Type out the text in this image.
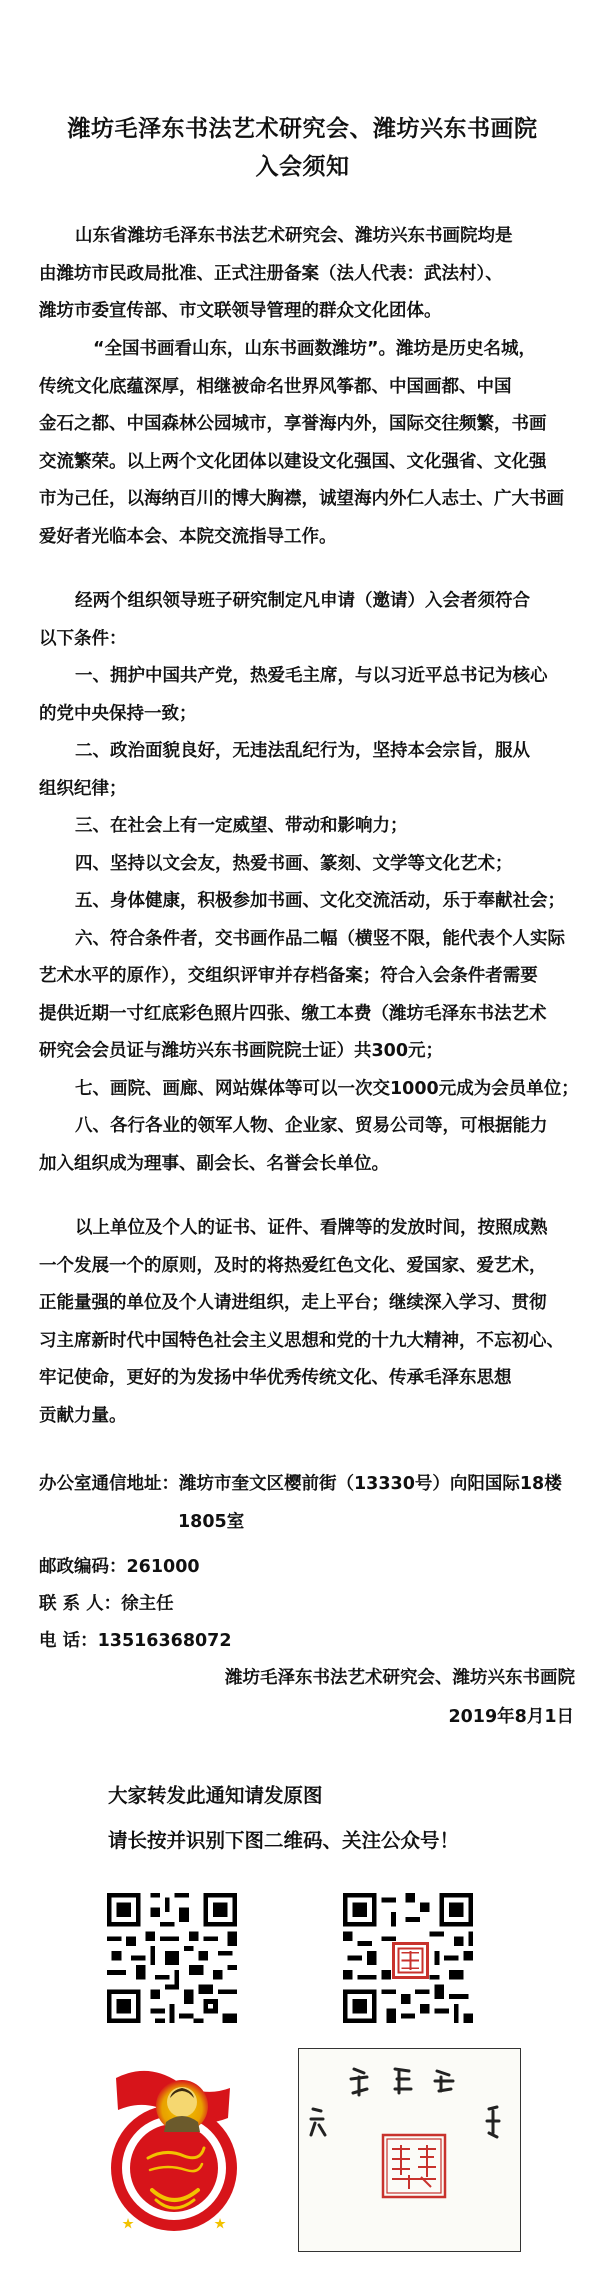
潍坊毛泽东书法艺术研究会、潍坊兴东书画院
入会须知
山东省潍坊毛泽东书法艺术研究会、潍坊兴东书画院均是
由潍坊市民政局批准、正式注册备案（法人代表：武法村）、
潍坊市委宣传部、市文联领导管理的群众文化团体。
“全国书画看山东，山东书画数潍坊”。潍坊是历史名城，
传统文化底蕴深厚，相继被命名世界风筝都、中国画都、中国
金石之都、中国森林公园城市，享誉海内外，国际交往频繁，书画
交流繁荣。以上两个文化团体以建设文化强国、文化强省、文化强
市为己任，以海纳百川的博大胸襟，诚望海内外仁人志士、广大书画
爱好者光临本会、本院交流指导工作。
经两个组织领导班子研究制定凡申请（邀请）入会者须符合
以下条件：
一、拥护中国共产党，热爱毛主席，与以习近平总书记为核心
的党中央保持一致；
二、政治面貌良好，无违法乱纪行为，坚持本会宗旨，服从
组织纪律；
三、在社会上有一定威望、带动和影响力；
四、坚持以文会友，热爱书画、篆刻、文学等文化艺术；
五、身体健康，积极参加书画、文化交流活动，乐于奉献社会；
六、符合条件者，交书画作品二幅（横竖不限，能代表个人实际
艺术水平的原作），交组织评审并存档备案；符合入会条件者需要
提供近期一寸红底彩色照片四张、缴工本费（潍坊毛泽东书法艺术
研究会会员证与潍坊兴东书画院院士证）共300元；
七、画院、画廊、网站媒体等可以一次交1000元成为会员单位；
八、各行各业的领军人物、企业家、贸易公司等，可根据能力
加入组织成为理事、副会长、名誉会长单位。
以上单位及个人的证书、证件、看牌等的发放时间，按照成熟
一个发展一个的原则，及时的将热爱红色文化、爱国家、爱艺术，
正能量强的单位及个人请进组织，走上平台；继续深入学习、贯彻
习主席新时代中国特色社会主义思想和党的十九大精神，不忘初心、
牢记使命，更好的为发扬中华优秀传统文化、传承毛泽东思想
贡献力量。
办公室通信地址：潍坊市奎文区樱前街（13330号）向阳国际18楼
1805室
邮政编码：261000
联 系 人：徐主任
电 话：13516368072
潍坊毛泽东书法艺术研究会、潍坊兴东书画院
2019年8月1日
大家转发此通知请发原图
请长按并识别下图二维码、关注公众号！
